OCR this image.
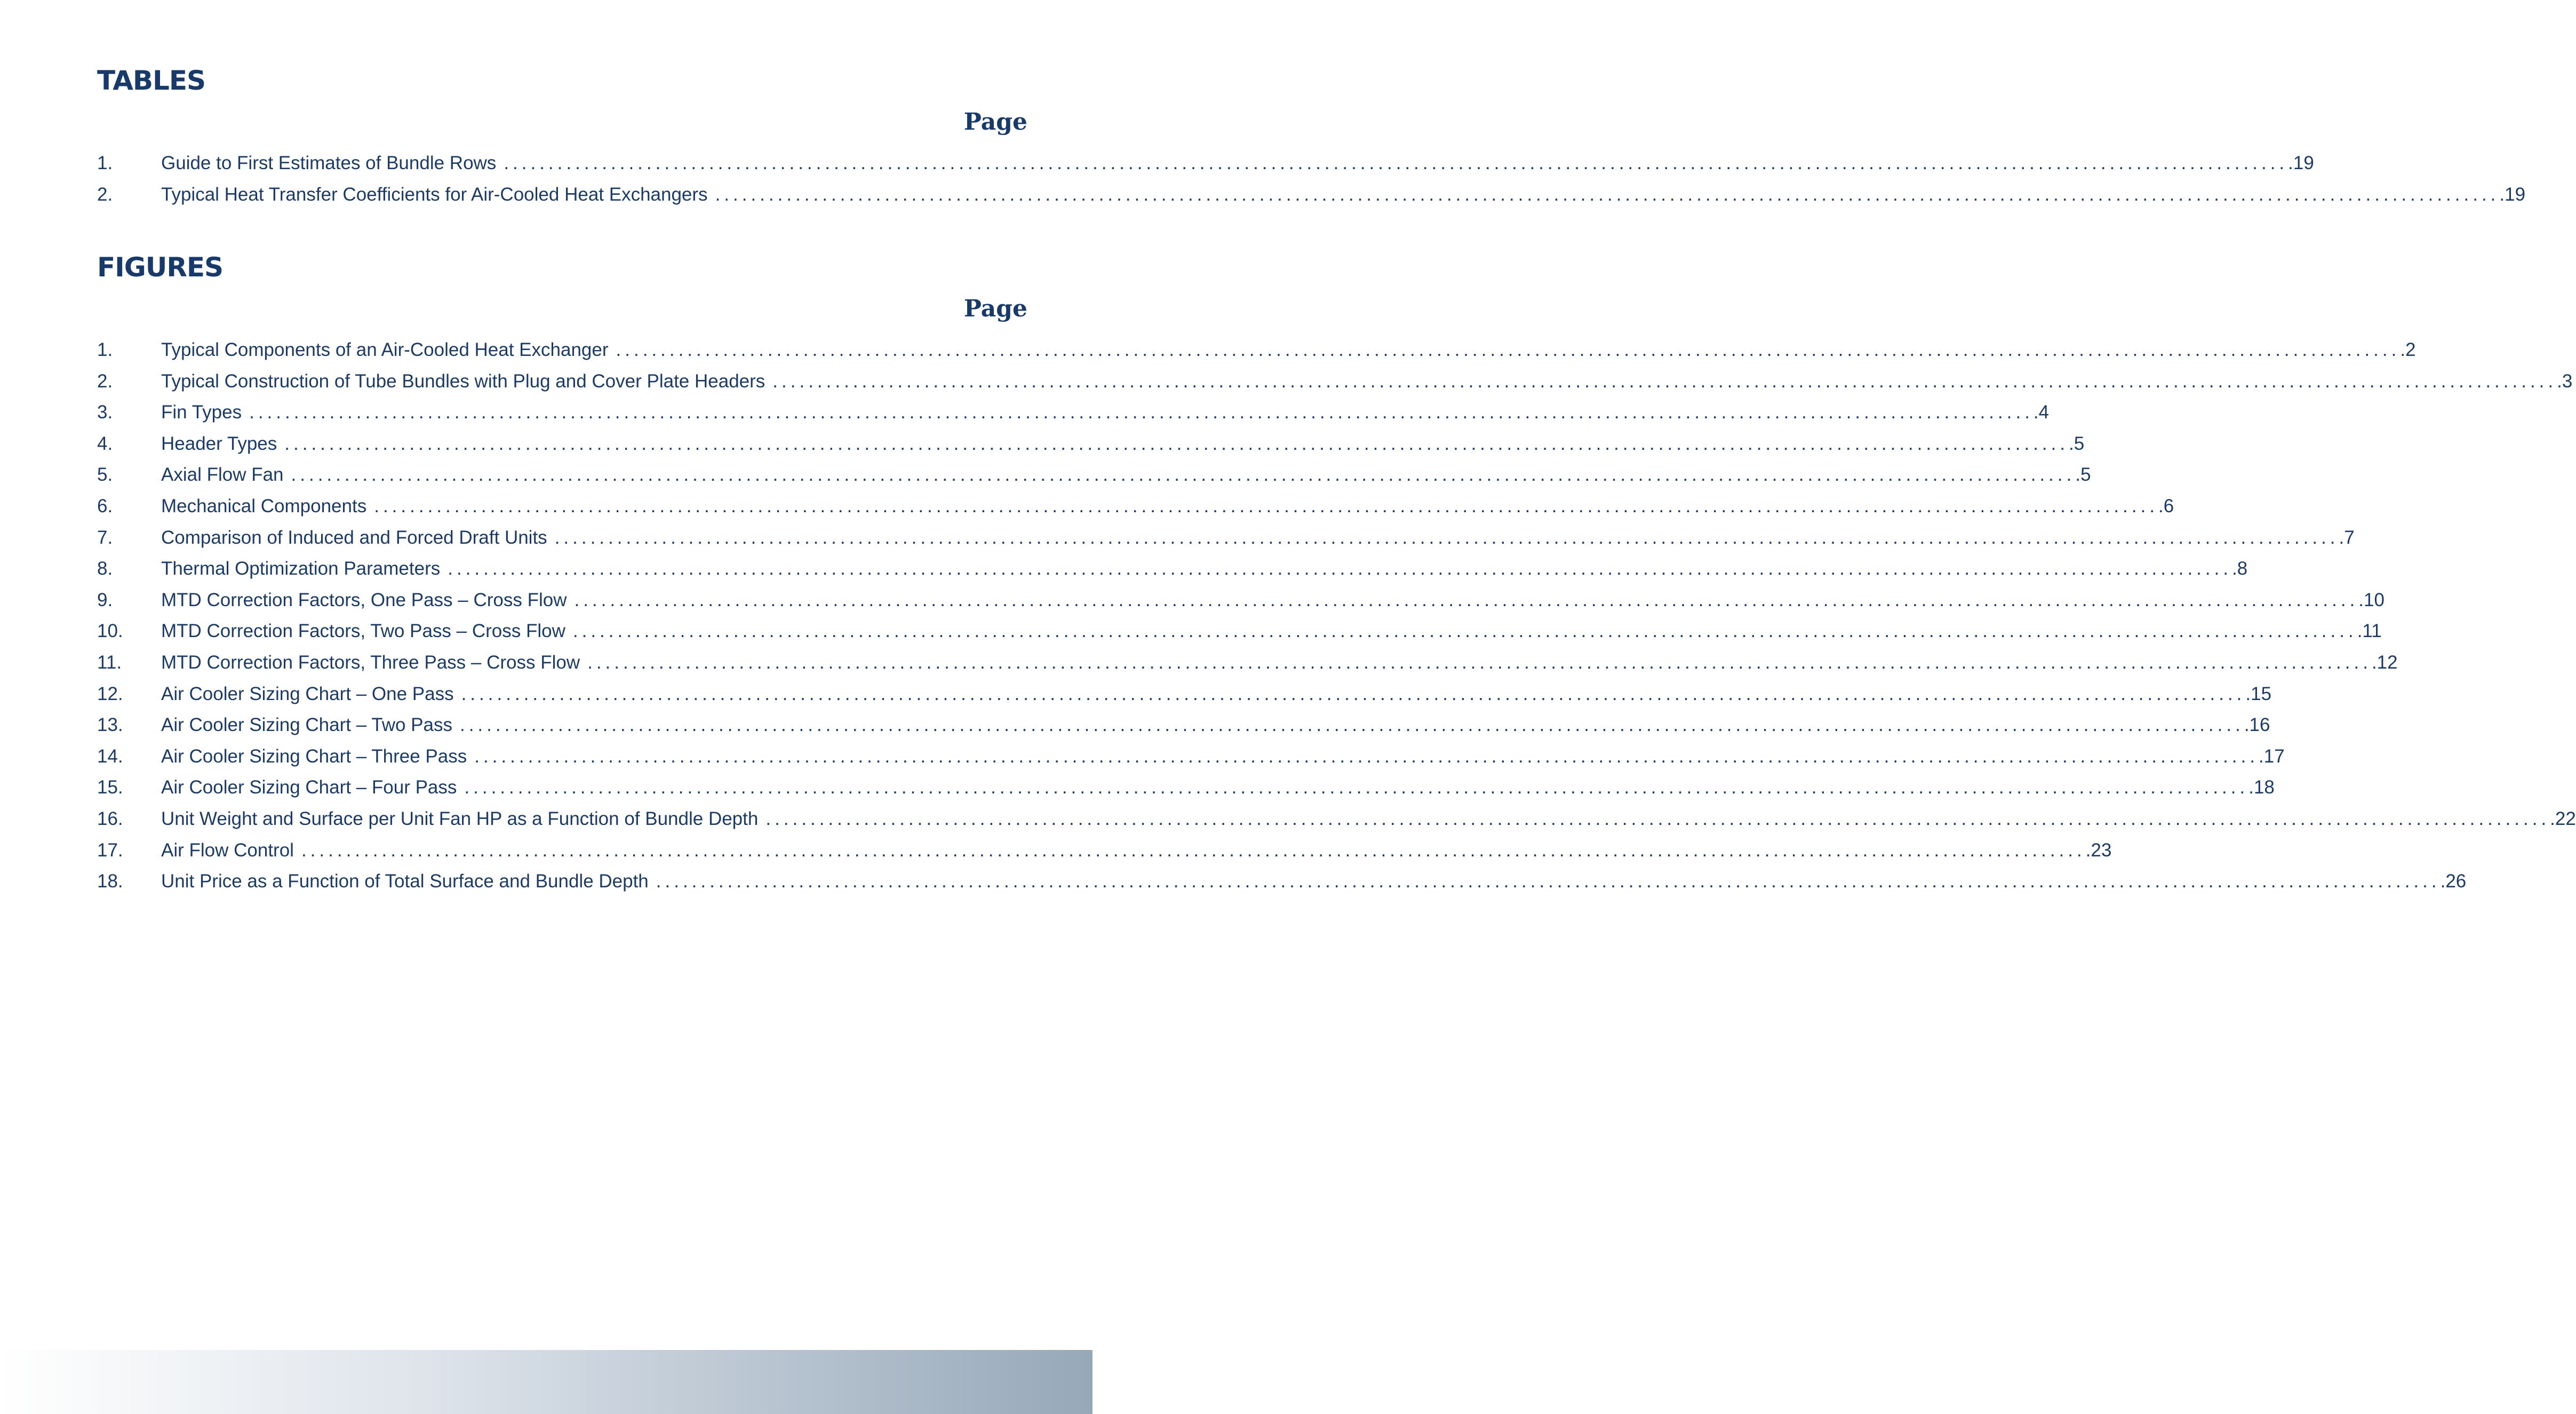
TABLES
Page
1.	Guide to First Estimates of Bundle Rows ........................................................................................................................................................................................................ .19
2.	Typical Heat Transfer Coefficients for Air-Cooled Heat Exchangers ........................................................................................................................................................................................................ .19
FIGURES
Page
1.	Typical Components of an Air-Cooled Heat Exchanger ........................................................................................................................................................................................................ .2
2.	Typical Construction of Tube Bundles with Plug and Cover Plate Headers ........................................................................................................................................................................................................ .3
3.	Fin Types ........................................................................................................................................................................................................ .4
4.	Header Types ........................................................................................................................................................................................................ .5
5.	Axial Flow Fan ........................................................................................................................................................................................................ .5
6.	Mechanical Components ........................................................................................................................................................................................................ .6
7.	Comparison of Induced and Forced Draft Units ........................................................................................................................................................................................................ .7
8.	Thermal Optimization Parameters ........................................................................................................................................................................................................ .8
9.	MTD Correction Factors, One Pass – Cross Flow ........................................................................................................................................................................................................ .10
10.	MTD Correction Factors, Two Pass – Cross Flow ........................................................................................................................................................................................................ .11
11.	MTD Correction Factors, Three Pass – Cross Flow ........................................................................................................................................................................................................ .12
12.	Air Cooler Sizing Chart – One Pass ........................................................................................................................................................................................................ .15
13.	Air Cooler Sizing Chart – Two Pass ........................................................................................................................................................................................................ .16
14.	Air Cooler Sizing Chart – Three Pass ........................................................................................................................................................................................................ .17
15.	Air Cooler Sizing Chart – Four Pass ........................................................................................................................................................................................................ .18
16.	Unit Weight and Surface per Unit Fan HP as a Function of Bundle Depth ........................................................................................................................................................................................................ .22
17.	Air Flow Control ........................................................................................................................................................................................................ .23
18.	Unit Price as a Function of Total Surface and Bundle Depth ........................................................................................................................................................................................................ .26
